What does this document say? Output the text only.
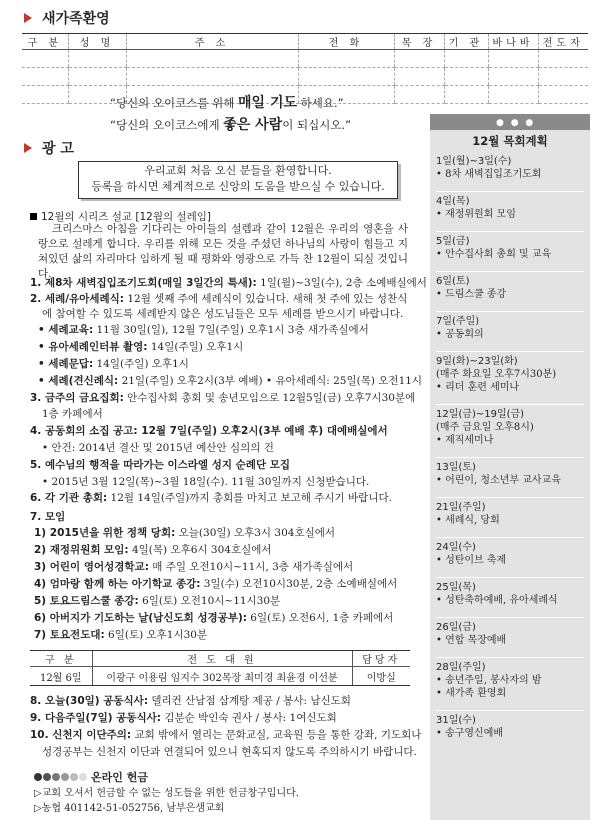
새가족환영
구 분	성 명	주 소	전 화	목 장	기 관	바나바	전도자

“당신의 오이코스를 위해 매일 기도 하세요.”
“당신의 오이코스에게 좋은 사람이 되십시오.”
광 고
우리교회 처음 오신 분들을 환영합니다.
등록을 하시면 체계적으로 신앙의 도움을 받으실 수 있습니다.
12월의 시리즈 설교 [12월의 설레임]
크리스마스 아침을 기다리는 아이들의 설렘과 같이 12월은 우리의 영혼을 사랑으로 설레게 합니다. 우리를 위해 모든 것을 주셨던 하나님의 사랑이 힘들고 지쳐있던 삶의 자리마다 임하게 될 때 평화와 영광으로 가득 찬 12월이 되실 것입니다.
1. 제8차 새벽집입조기도회(매일 3일간의 특새): 1일(월)~3일(수), 2층 소예배실에서
2. 세례/유아세례식: 12월 셋째 주에 세례식이 있습니다. 새해 첫 주에 있는 성찬식
에 참여할 수 있도록 세례받지 않은 성도님들은 모두 세례를 받으시기 바랍니다.
• 세례교육: 11월 30일(일), 12월 7일(주일) 오후1시 3층 새가족실에서
• 유아세례인터뷰 촬영: 14일(주일) 오후1시
• 세례문답: 14일(주일) 오후1시
• 세례(견신례식: 21일(주일) 오후2시(3부 예배) • 유아세례식: 25일(목) 오전11시
3. 금주의 금요집회: 안수집사회 총회 및 송년모임으로 12월5일(금) 오후7시30분에
1층 카페에서
4. 공동회의 소집 공고: 12월 7일(주일) 오후2시(3부 예배 후) 대예배실에서
• 안건: 2014년 결산 및 2015년 예산안 심의의 건
5. 예수님의 행적을 따라가는 이스라엘 성지 순례단 모집
• 2015년 3월 12일(목)~3월 18일(수). 11월 30일까지 신청받습니다.
6. 각 기관 총회: 12월 14일(주일)까지 총회를 마치고 보고해 주시기 바랍니다.
7. 모임
1) 2015년을 위한 정책 당회: 오늘(30일) 오후3시 304호실에서
2) 재정위원회 모임: 4일(목) 오후6시 304호실에서
3) 어린이 영어성경학교: 매 주일 오전10시~11시, 3층 새가족실에서
4) 엄마랑 함께 하는 아기학교 종강: 3일(수) 오전10시30분, 2층 소예배실에서
5) 토요드림스쿨 종강: 6일(토) 오전10시~11시30분
6) 아버지가 기도하는 날(남신도회 성경공부): 6일(토) 오전6시, 1층 카페에서
7) 토요전도대: 6일(토) 오후1시30분
구 분	전 도 대 원	담당자
12월 6일	이광구 이용림 임지수 302목장 최미경 최윤경 이선분	이방실
8. 오늘(30일) 공동식사: 델리컨 산남점 삼계탕 제공 / 봉사: 남신도회
9. 다음주일(7일) 공동식사: 김분순 박인숙 권사 / 봉사: 1여신도회
10. 신천지 이단주의: 교회 밖에서 열리는 문화교실, 교육원 등을 통한 강좌, 기도회나
성경공부는 신천지 이단과 연결되어 있으니 현혹되지 않도록 주의하시기 바랍니다.
온라인 헌금
▷교회 오셔서 헌금할 수 없는 성도들을 위한 헌금창구입니다.
▷농협 401142-51-052756, 남부은샘교회
● ● ●
12월 목회계획
1일(월)~3일(수)
• 8차 새벽집입조기도회
4일(목)
• 재정위원회 모임
5일(금)
• 안수집사회 총회 및 교육
6일(토)
• 드림스쿨 종강
7일(주일)
• 공동회의
9일(화)~23일(화)
(매주 화요일 오후7시30분)
• 리더 훈련 세미나
12일(금)~19일(금)
(매주 금요일 오후8시)
• 제직세미나
13일(토)
• 어린이, 청소년부 교사교육
21일(주일)
• 세례식, 당회
24일(수)
• 성탄이브 축제
25일(목)
• 성탄축하예배, 유아세례식
26일(금)
• 연합 목장예배
28일(주일)
• 송년주일, 봉사자의 밤
• 새가족 환영회
31일(수)
• 송구영신예배
